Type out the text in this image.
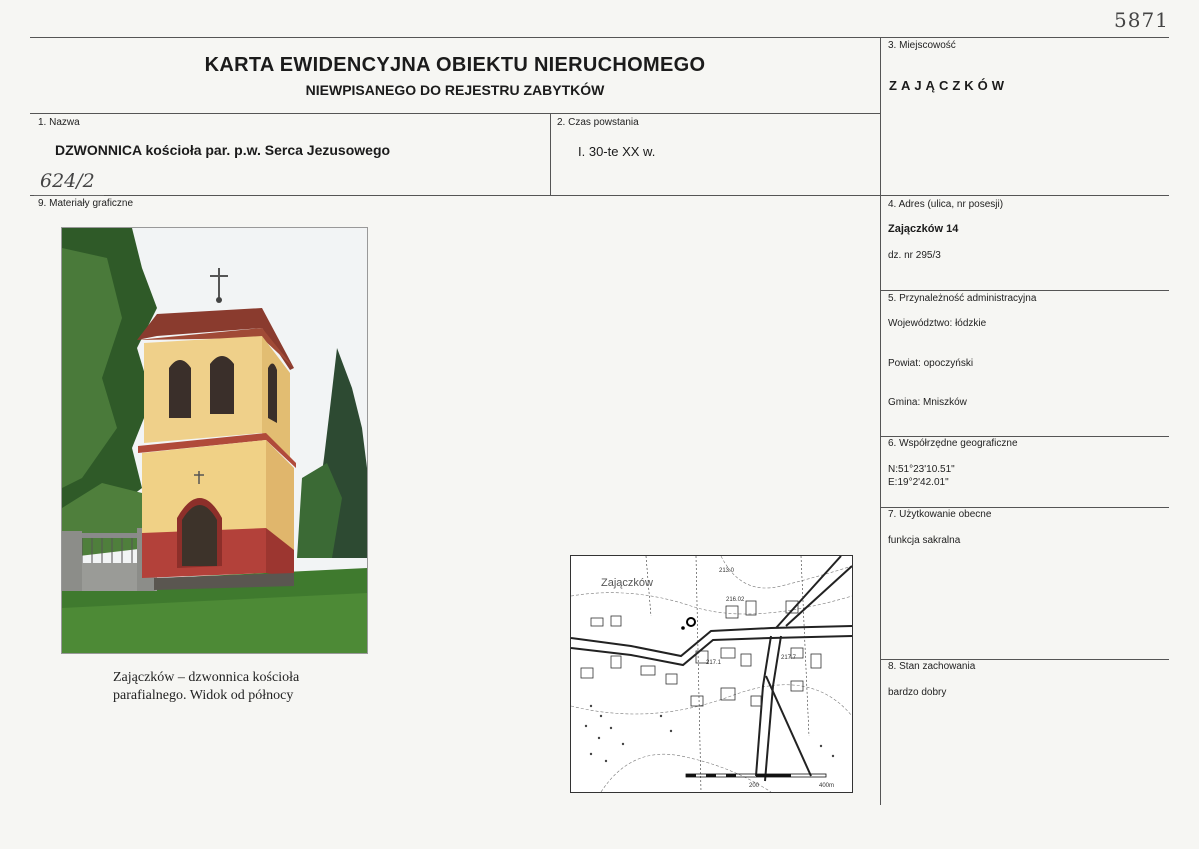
5871
KARTA EWIDENCYJNA OBIEKTU NIERUCHOMEGO
NIEWPISANEGO DO REJESTRU ZABYTKÓW
1. Nazwa
DZWONNICA kościoła par. p.w. Serca Jezusowego
624/2
2. Czas powstania
I. 30-te XX w.
3. Miejscowość
ZAJĄCZKÓW
4. Adres (ulica, nr posesji)
Zajączków 14
dz. nr 295/3
5. Przynależność administracyjna
Województwo: łódzkie
Powiat: opoczyński
Gmina: Mniszków
6. Współrzędne geograficzne
N:51°23'10.51"
E:19°2'42.01"
7. Użytkowanie obecne
funkcja sakralna
8. Stan zachowania
bardzo dobry
9. Materiały graficzne
Zajączków – dzwonnica kościoła
parafialnego. Widok od północy
Zajączków
216.02
217.7
217.1
213.0
200	400m
